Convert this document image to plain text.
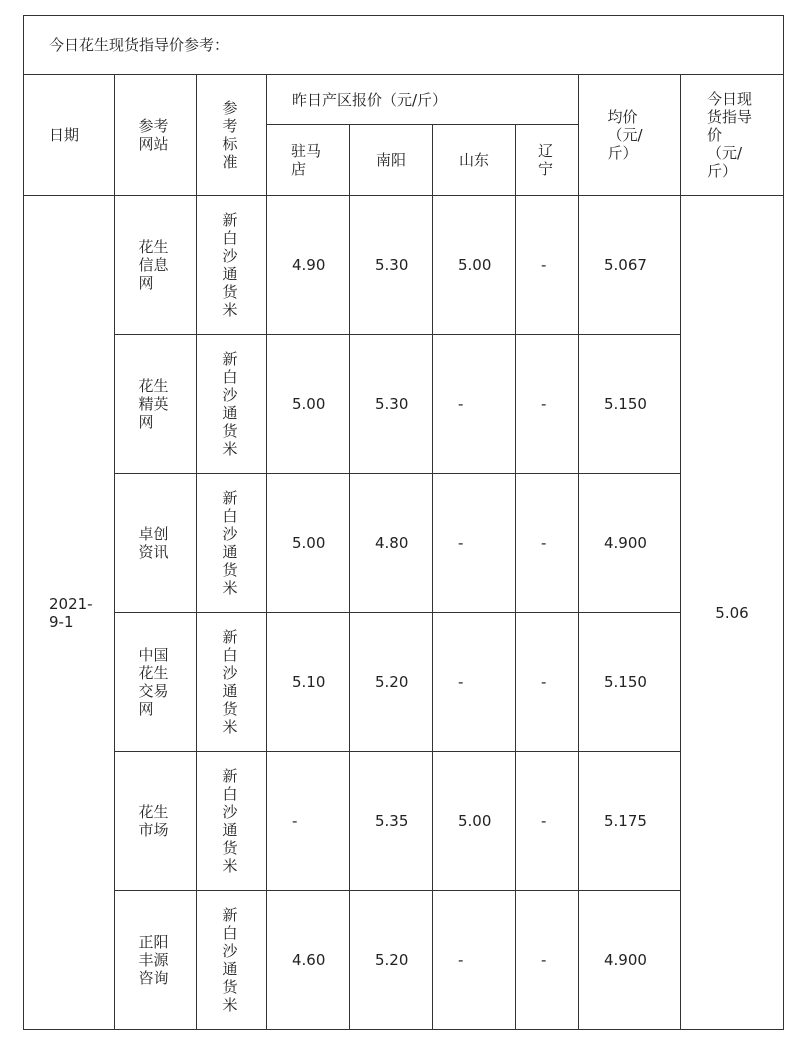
今日花生现货指导价参考：								
日期	参考网站	参考标准	昨日产区报价（元/斤）				均价（元/斤）	今日现货指导价（元/斤）
			驻马店	南阳	山东	辽宁		
2021-9-1	花生信息网	新白沙通货米	4.90	5.30	5.00	-	5.067	5.06
	花生精英网	新白沙通货米	5.00	5.30	-	-	5.150	
	卓创资讯	新白沙通货米	5.00	4.80	-	-	4.900	
	中国花生交易网	新白沙通货米	5.10	5.20	-	-	5.150	
	花生市场	新白沙通货米	-	5.35	5.00	-	5.175	
	正阳丰源咨询	新白沙通货米	4.60	5.20	-	-	4.900	
